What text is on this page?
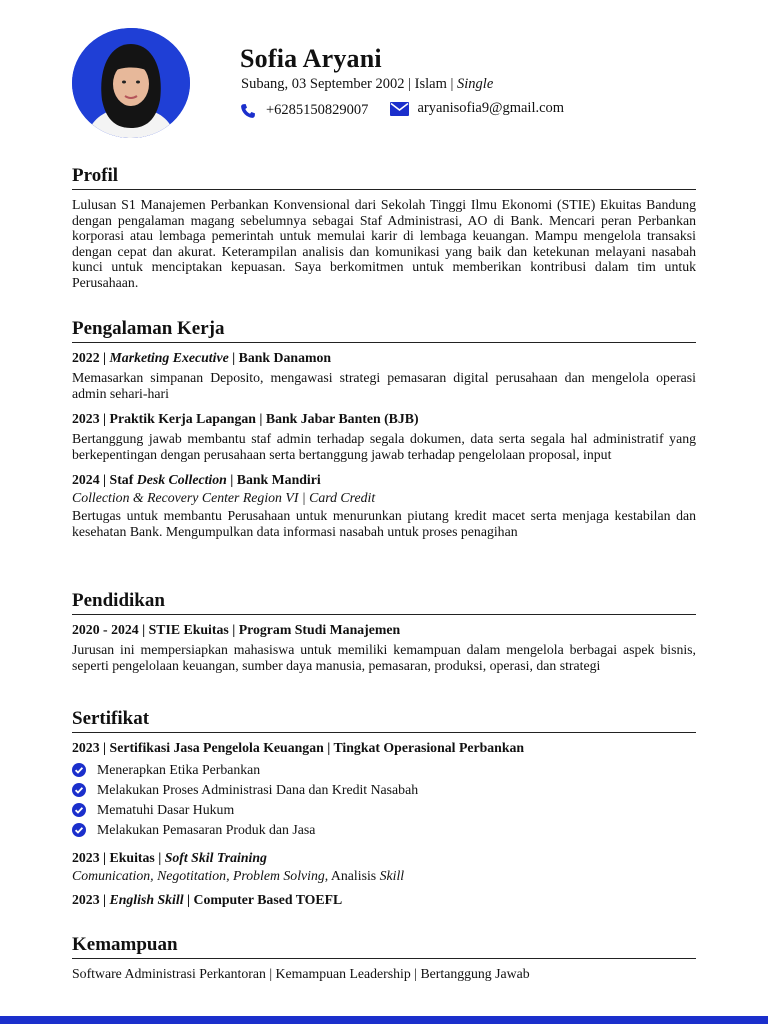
Sofia Aryani
Subang, 03 September 2002 | Islam | Single
+6285150829007	aryanisofia9@gmail.com
Profil
Lulusan S1 Manajemen Perbankan Konvensional dari Sekolah Tinggi Ilmu Ekonomi (STIE) Ekuitas Bandung dengan pengalaman magang sebelumnya sebagai Staf Administrasi, AO di Bank. Mencari peran Perbankan korporasi atau lembaga pemerintah untuk memulai karir di lembaga keuangan. Mampu mengelola transaksi dengan cepat dan akurat. Keterampilan analisis dan komunikasi yang baik dan ketekunan melayani nasabah kunci untuk menciptakan kepuasan. Saya berkomitmen untuk memberikan kontribusi dalam tim untuk Perusahaan.
Pengalaman Kerja
2022 | Marketing Executive | Bank Danamon
Memasarkan simpanan Deposito, mengawasi strategi pemasaran digital perusahaan dan mengelola operasi admin sehari-hari
2023 | Praktik Kerja Lapangan | Bank Jabar Banten (BJB)
Bertanggung jawab membantu staf admin terhadap segala dokumen, data serta segala hal administratif yang berkepentingan dengan perusahaan serta bertanggung jawab terhadap pengelolaan proposal, input
2024 | Staf Desk Collection | Bank Mandiri
Collection & Recovery Center Region VI | Card Credit
Bertugas untuk membantu Perusahaan untuk menurunkan piutang kredit macet serta menjaga kestabilan dan kesehatan Bank. Mengumpulkan data informasi nasabah untuk proses penagihan
Pendidikan
2020 - 2024 | STIE Ekuitas | Program Studi Manajemen
Jurusan ini mempersiapkan mahasiswa untuk memiliki kemampuan dalam mengelola berbagai aspek bisnis, seperti pengelolaan keuangan, sumber daya manusia, pemasaran, produksi, operasi, dan strategi
Sertifikat
2023 | Sertifikasi Jasa Pengelola Keuangan | Tingkat Operasional Perbankan
Menerapkan Etika Perbankan
Melakukan Proses Administrasi Dana dan Kredit Nasabah
Mematuhi Dasar Hukum
Melakukan Pemasaran Produk dan Jasa
2023 | Ekuitas | Soft Skil Training
Comunication, Negotitation, Problem Solving, Analisis Skill
2023 | English Skill | Computer Based TOEFL
Kemampuan
Software Administrasi Perkantoran | Kemampuan Leadership | Bertanggung Jawab
